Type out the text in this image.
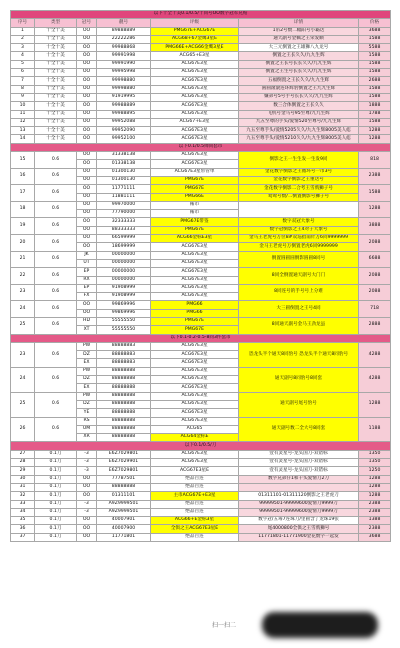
以下十全十美0.1/0.5/十同号OO数字冠军兄贴						
序号	类型	冠号	靓号	评级	详情	价格
1	十全十美	OO	89888889	PMG67E+ACG67E	1吊2号数二幅阳号小霸达	3688
2	十全十美	OO	22222286	ACG68+67金鹰3星E	通天副号金佩之王荣发顺	1588
3	十全十美	OO	99988868	PMG66E+ACG66金鹰3星E	大三元倒置之王雄狮八九龙号	5588
4	十全十美	OO	99991998	ACG65+E3星	倒置之王长久久/九九生辉	1588
5	十全十美	OO	99991990	ACG67E3星	倒置之王长号长长久久/九九生辉	1588
6	十全十美	OO	99995998	ACG67E3星	倒置之王生号长长久久/九九生辉	1588
7	十全十美	OO	99998880	ACG67E3星	五福倒置之王长久久/九九生辉	2688
8	十全十美	OO	99998880	ACG67E3星	圆圆滚滚连环辉豹倒置之王九九生辉	1588
9	十全十美	OO	91919995	ACG67E3星	嫌弟号5号手号长长久久/九九生辉	1588
10	十全十美	OO	99988889	ACG67E3星	数三合体倒置之王长久久	1888
11	十全十美	OO	99988895	ACG67E3星	飞机号金马号95至尊/九九生辉	1788
12	十全十美	OO	99952088	ACG67+E3星	九五至尊的手头/爱情520至尊号/九九生辉	1588
13	十全十美	OO	99952090	ACG67E3星	九五至尊手头/爱情5205久久/九九生辉8005美人痣	1288
14	十全十美	OO	99952100	ACG67E3星	九五至尊手头/爱情5210久久/九九生辉8005美人痣	1288
以下0.1/0.5帅同套币						
15	0.6	OO	31338138	ACG67E3星	倒影之王一生生发一生发9同	818
		OO	01338138	ACG67E3星		
16	0.6	OO	01300130	ACG67E3星带管单	金花数字倒影之王循环号一币3号	2388
		OO	01300130	PMG67E	金花数字倒影之王重达号	
17	0.6	OO	11771111	PMG67E	金花数字倒影二合考王雪鸦狮子号	1588
		OO	11881111	PMG66E	鸳鸯号数/二倒置倒影号狮子号	
18	0.6	OO	99970000	稀币		1288
		OO	77790000	稀币		
19	0.6	OO	32333333	PMG67E带签	数字双冠大象号	3888
		OO	88333333	PMG67E	数字冠倒影之王4对子大象号	
20	0.6	OO	66599999	ACG66金标E3星	金马王老虎号万位8#双巡指南针万6同9999999	2088
		OO	18699999	ACG67E3星	金马王老虎号万倒置老虎6同9999999	
21	0.6	JK	00000000	ACG67E3星	倒置圆圆圆倒影圆圆8同号	6688
		UT	00000000	ACG67E3星		
22	0.6	EP	00000000	ACG67E3星	8同全倒置通天副号大门门	2088
		RX	00000000	ACG67E3星		
23	0.6	EP	91908999	ACG67E3星	8同连号的手号号上分难	2088
		FX	91908999	ACG67E3星		
24	0.6	OO	99869996	PMG66	大三圆倒置之王号4同	718
		OO	99869996	PMG66		
25	0.6	HD	55555550	PMG67E	8同通天副号金马王劲龙虽	2888
		XT	55555550	PMG67E		
以下0.1-0.2-0.5-8同3件套币						
23	0.6	PW	88888883	ACG67E3星	恐龙头半个通天8同豹号 恐龙头半个通天8同豹号	4288
		DZ	88888883	ACG67E3星		
		EX	88888883	ACG67E3星		
24	0.6	PW	88888888	ACG67E3星	通天副号8同豹号8同套	4288
		DZ	88888888	ACG67E3星		
		EX	88888888	ACG67E3星		
25	0.6	PW	88888888	ACG67E3星	通天副号尾号豹号	1288
		DZ	88888888	ACG67E3星		
		YE	88888888	ACG67E3星		
26	0.6	RS	88888888	ACG67E3星	通天副号数二全大号8同套	1188
		UM	88888888	ACG65		
		XR	88888888	ACG64金标E		
以下0.1/0.5/刀						
27	0.1刀	-3	E6Z7029801	ACG67E3星	壹有灵星号-龙头国刀-双错标	1350
28	0.1刀	-3	E6Z7029901	ACG67E3星	壹有灵星号-龙头国刀-双错标	1350
29	0.1刀	-3	E6Z7029801	ACG67E3星E	壹有灵星号-龙头国刀-双错标	1250
30	0.1刀	OO	77787501	绝品百连	数字兄弟仔1和千头爱情刀2刀	1288
31	0.1刀	OO	88888888	绝品百连		1288
32	0.1刀	OO	01311101	主币ACG67E+E3星	01311101-01311120倒影之王老虎刀	1288
33	0.1刀	-3	A9Z9999501	绝品百连	99999501-99999600爱情刀9999刀	2388
34	0.1刀	-3	A9Z9999501	绝品百连	99999501-99999600爱情刀9999刀	2388
35	0.1刀	OO	40007901	ACG66+E金标3星	数字冠/五毒7连珠刀/里圆含了龙珠19张	1388
36	0.1刀	OO	40007900	全俱之王ACG67E3星E	尾4000800全俱之王雪鸦狮号	2388
37	0.1刀	OO	11771801	绝品百连	11771801-11771900金花数字一起发	3688
扫一扫二
